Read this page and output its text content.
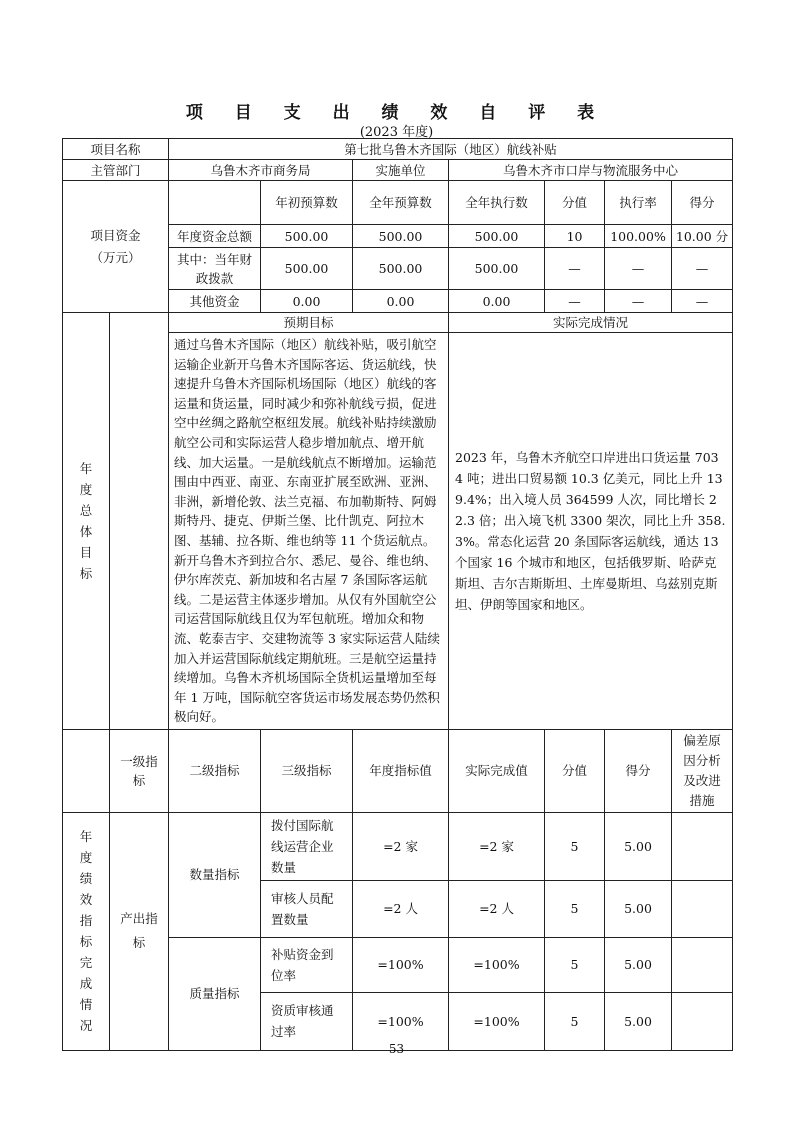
项 目 支 出 绩 效 自 评 表
(2023 年度)
项目名称		第七批乌鲁木齐国际（地区）航线补贴						
主管部门		乌鲁木齐市商务局		实施单位	乌鲁木齐市口岸与物流服务中心			
项目资金
（万元）			年初预算数	全年预算数	全年执行数	分值	执行率	得分
		年度资金总额	500.00	500.00	500.00	10	100.00%	10.00 分
		其中：当年财政拨款	500.00	500.00	500.00	—	—	—
		其他资金	0.00	0.00	0.00	—	—	—
年度总体目标		预期目标			实际完成情况			
		通过乌鲁木齐国际（地区）航线补贴，吸引航空运输企业新开乌鲁木齐国际客运、货运航线，快速提升乌鲁木齐国际机场国际（地区）航线的客运量和货运量，同时减少和弥补航线亏损，促进空中丝绸之路航空枢纽发展。航线补贴持续激励航空公司和实际运营人稳步增加航点、增开航线、加大运量。一是航线航点不断增加。运输范围由中西亚、南亚、东南亚扩展至欧洲、亚洲、非洲，新增伦敦、法兰克福、布加勒斯特、阿姆斯特丹、捷克、伊斯兰堡、比什凯克、阿拉木图、基辅、拉各斯、维也纳等 11 个货运航点。新开乌鲁木齐到拉合尔、悉尼、曼谷、维也纳、伊尔库茨克、新加坡和名古屋 7 条国际客运航线。二是运营主体逐步增加。从仅有外国航空公司运营国际航线且仅为军包航班。增加众和物流、乾泰吉宇、交建物流等 3 家实际运营人陆续加入并运营国际航线定期航班。三是航空运量持续增加。乌鲁木齐机场国际全货机运量增加至每年 1 万吨，国际航空客货运市场发展态势仍然积极向好。			2023 年，乌鲁木齐航空口岸进出口货运量 7034 吨；进出口贸易额 10.3 亿美元，同比上升 139.4%；出入境人员 364599 人次，同比增长 22.3 倍；出入境飞机 3300 架次，同比上升 358.3%。常态化运营 20 条国际客运航线，通达 13 个国家 16 个城市和地区，包括俄罗斯、哈萨克斯坦、吉尔吉斯斯坦、土库曼斯坦、乌兹别克斯坦、伊朗等国家和地区。			
	一级指标	二级指标	三级指标	年度指标值	实际完成值	分值	得分	偏差原因分析及改进措施
年度绩效指标完成情况	产出指标	数量指标	拨付国际航线运营企业数量	=2 家	=2 家	5	5.00	
			审核人员配置数量	=2 人	=2 人	5	5.00	
		质量指标	补贴资金到位率	=100%	=100%	5	5.00	
			资质审核通过率	=100%	=100%	5	5.00	
53
